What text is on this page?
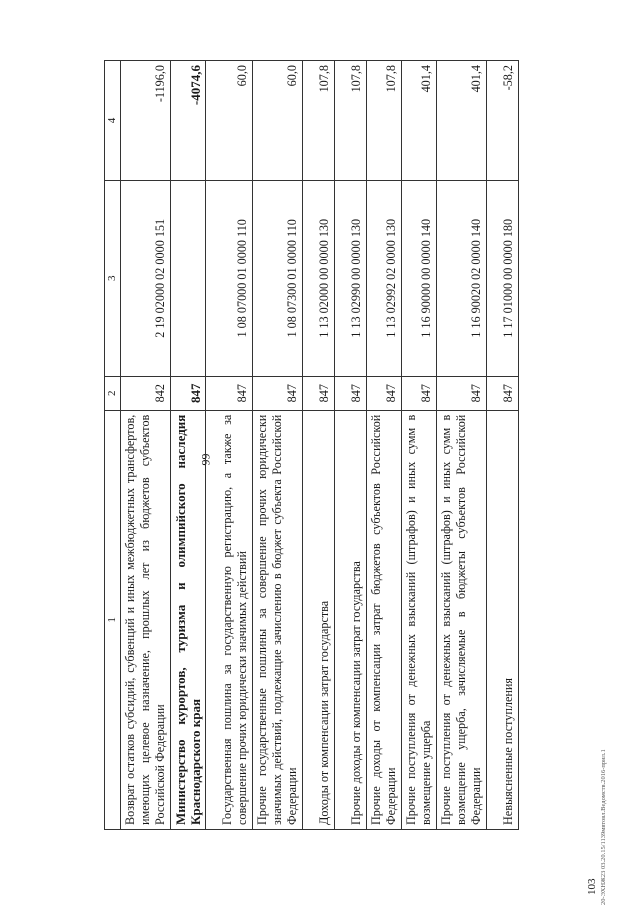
99
1	2	3	4
Возврат остатков субсидий, субвенций и иных межбюджетных трансфертов, имеющих целевое назначение, прошлых лет из бюджетов субъектов Российской Федерации	842	2 19 02000 02 0000 151	-1196,0
Министерство курортов, туризма и олимпийского наследия Краснодарского края	847		-4074,6
Государственная пошлина за государственную регистрацию, а также за совершение прочих юридически значимых действий	847	1 08 07000 01 0000 110	60,0
Прочие государственные пошлины за совершение прочих юридически значимых действий, подлежащие зачислению в бюджет субъекта Российской Федерации	847	1 08 07300 01 0000 110	60,0
Доходы от компенсации затрат государства	847	1 13 02000 00 0000 130	107,8
Прочие доходы от компенсации затрат государства	847	1 13 02990 00 0000 130	107,8
Прочие доходы от компенсации затрат бюджетов субъектов Российской Федерации	847	1 13 02992 02 0000 130	107,8
Прочие поступления от денежных взысканий (штрафов) и иных сумм в возмещение ущерба	847	1 16 90000 00 0000 140	401,4
Прочие поступления от денежных взысканий (штрафов) и иных сумм в возмещение ущерба, зачисляемые в бюджеты субъектов Российской Федерации	847	1 16 90020 02 0000 140	401,4
Невыясненные поступления	847	1 17 01000 00 0000 180	-58,2
103 20-ЭХНЖ23 03.20.15/1139мвтовл.Ведомств.2016-прил.1
